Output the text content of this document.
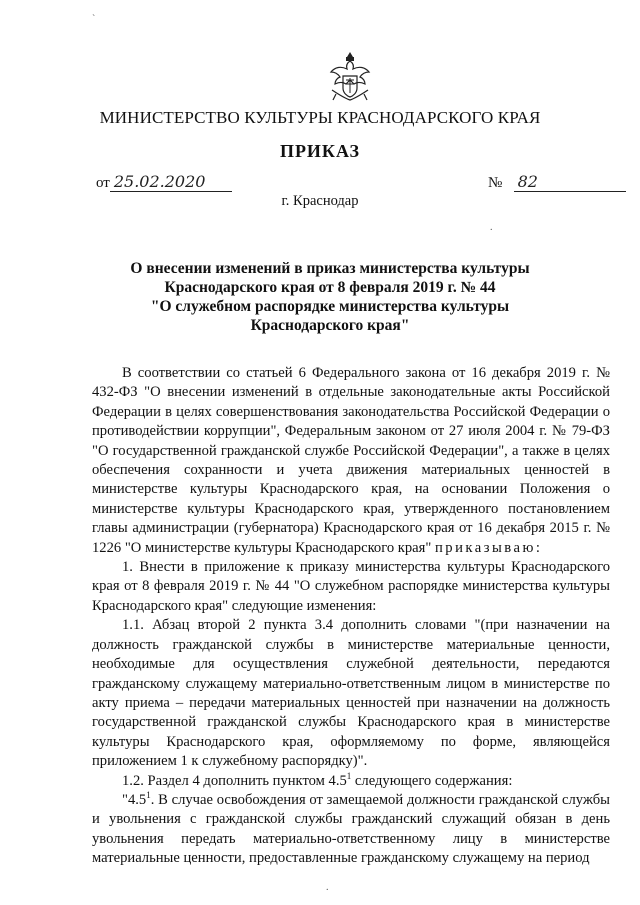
МИНИСТЕРСТВО КУЛЬТУРЫ КРАСНОДАРСКОГО КРАЯ
ПРИКАЗ
от 25.02.2020	№ 82
г. Краснодар
О внесении изменений в приказ министерства культуры
Краснодарского края от 8 февраля 2019 г. № 44
"О служебном распорядке министерства культуры
Краснодарского края"

В соответствии со статьей 6 Федерального закона от 16 декабря 2019 г. № 432-ФЗ "О внесении изменений в отдельные законодательные акты Российской Федерации в целях совершенствования законодательства Российской Федерации о противодействии коррупции", Федеральным законом от 27 июля 2004 г. № 79-ФЗ "О государственной гражданской службе Российской Федерации", а также в целях обеспечения сохранности и учета движения материальных ценностей в министерстве культуры Краснодарского края, на основании Положения о министерстве культуры Краснодарского края, утвержденного постановлением главы администрации (губернатора) Краснодарского края от 16 декабря 2015 г. № 1226 "О министерстве культуры Краснодарского края" приказываю:

1. Внести в приложение к приказу министерства культуры Краснодарского края от 8 февраля 2019 г. № 44 "О служебном распорядке министерства культуры Краснодарского края" следующие изменения:

1.1. Абзац второй 2 пункта 3.4 дополнить словами "(при назначении на должность гражданской службы в министерстве материальные ценности, необходимые для осуществления служебной деятельности, передаются гражданскому служащему материально-ответственным лицом в министерстве по акту приема – передачи материальных ценностей при назначении на должность государственной гражданской службы Краснодарского края в министерстве культуры Краснодарского края, оформляемому по форме, являющейся приложением 1 к служебному распорядку)".

1.2. Раздел 4 дополнить пунктом $4.5^1$ следующего содержания:

"$4.5^1$. В случае освобождения от замещаемой должности гражданской службы и увольнения с гражданской службы гражданский служащий обязан в день увольнения передать материально-ответственному лицу в министерстве материальные ценности, предоставленные гражданскому служащему на период

`
.
.
